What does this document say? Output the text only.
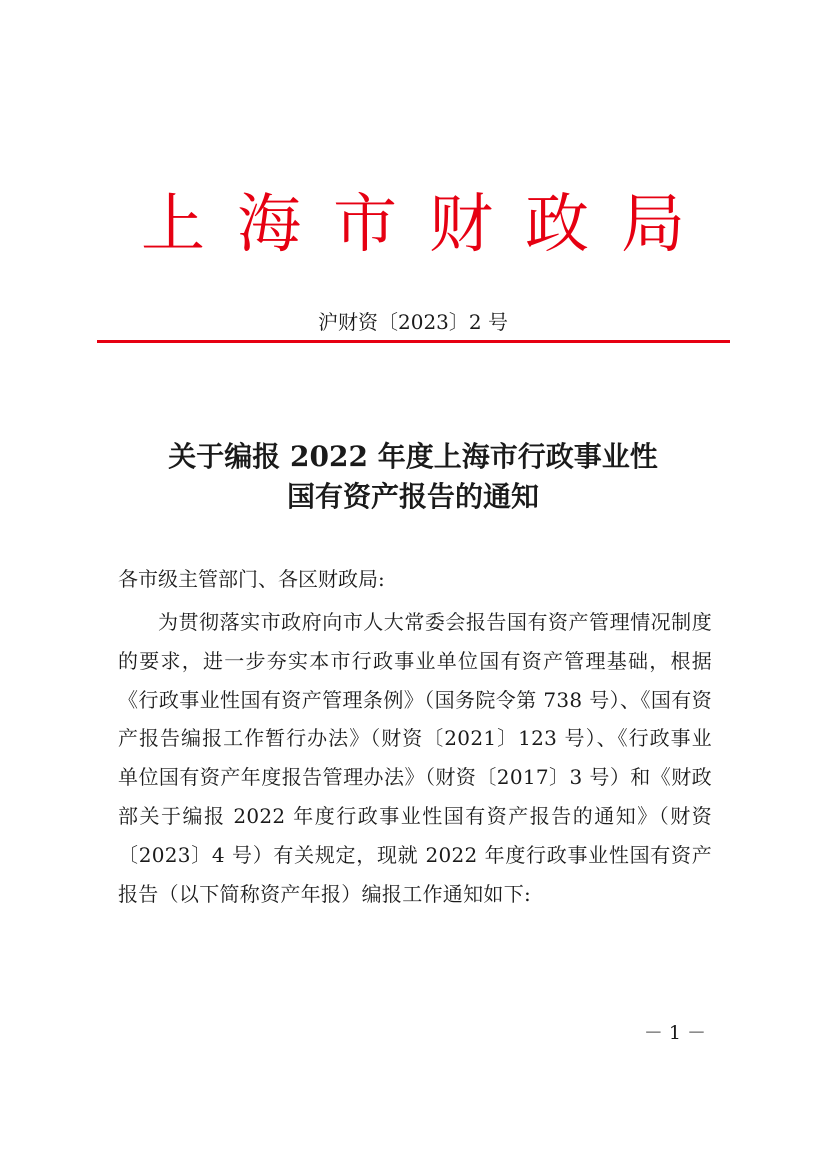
上海市财政局
沪财资〔2023〕2 号
关于编报 2022 年度上海市行政事业性
国有资产报告的通知
各市级主管部门、各区财政局:
为贯彻落实市政府向市人大常委会报告国有资产管理情况制度的要求，进一步夯实本市行政事业单位国有资产管理基础，根据《行政事业性国有资产管理条例》（国务院令第 738 号）、《国有资产报告编报工作暂行办法》（财资〔2021〕123 号）、《行政事业单位国有资产年度报告管理办法》（财资〔2017〕3 号）和《财政部关于编报 2022 年度行政事业性国有资产报告的通知》（财资〔2023〕4 号）有关规定，现就 2022 年度行政事业性国有资产报告（以下简称资产年报）编报工作通知如下:
－ 1 －
